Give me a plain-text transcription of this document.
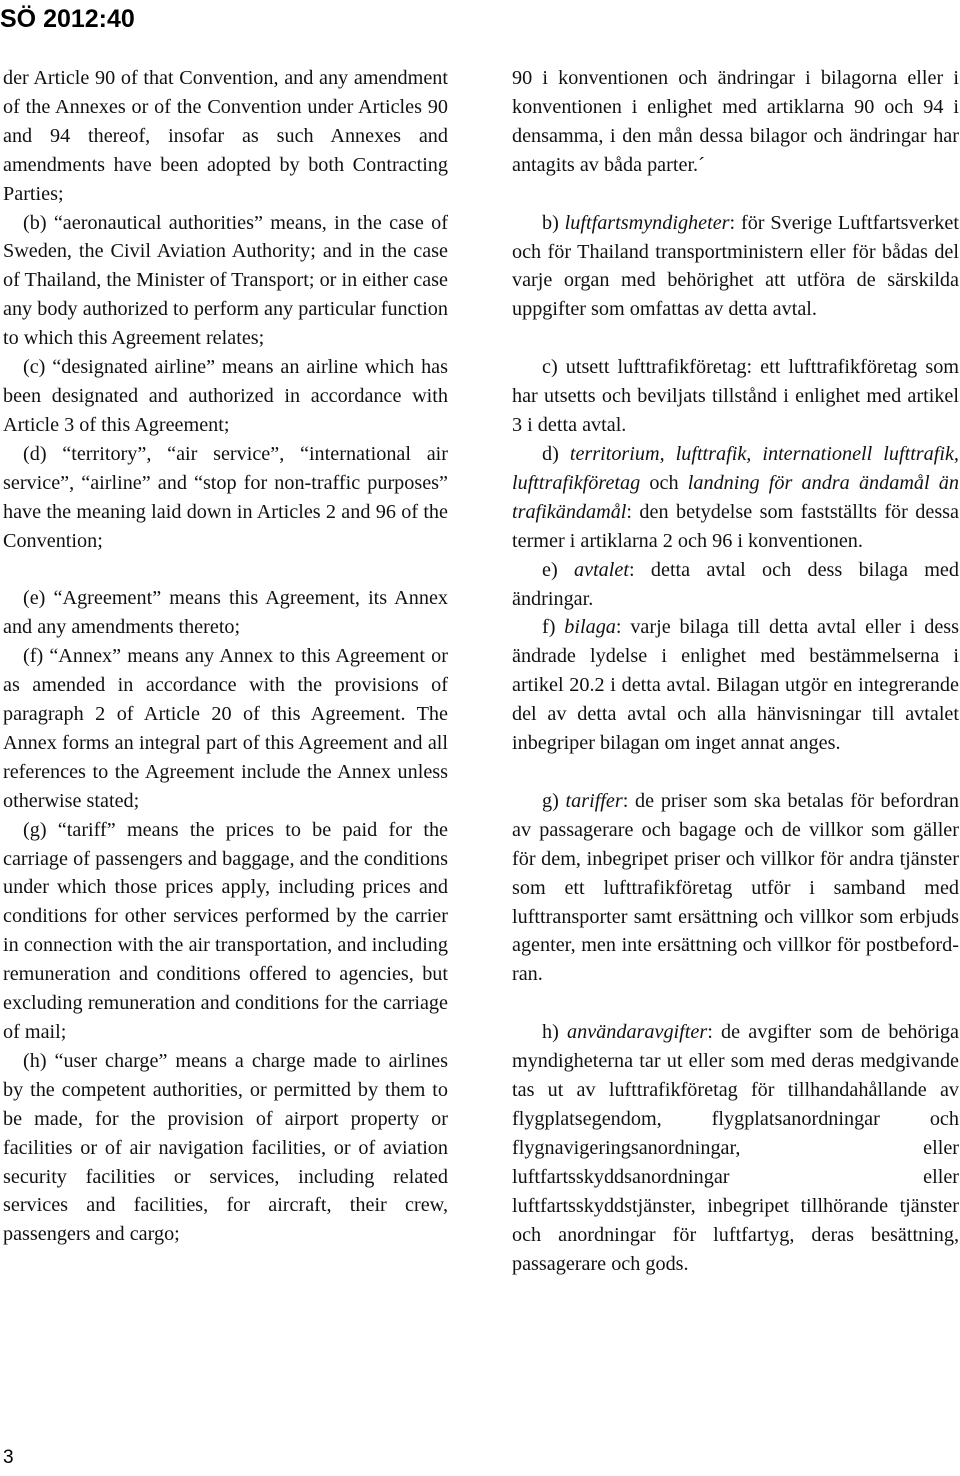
SÖ 2012:40

der Article 90 of that Convention, and any amendment of the Annexes or of the Convention under Articles 90 and 94 thereof, insofar as such Annexes and amendments have been adopted by both Contracting Parties;

(b) “aeronautical authorities” means, in the case of Sweden, the Civil Aviation Authority; and in the case of Thailand, the Minister of Transport; or in either case any body authorized to perform any particular function to which this Agreement relates;

(c) “designated airline” means an airline which has been designated and authorized in accordance with Article 3 of this Agreement;

(d) “territory”, “air service”, “international air service”, “airline” and “stop for non-traffic purposes” have the meaning laid down in Articles 2 and 96 of the Convention;

(e) “Agreement” means this Agreement, its Annex and any amendments thereto;

(f) “Annex” means any Annex to this Agreement or as amended in accordance with the provisions of paragraph 2 of Article 20 of this Agreement. The Annex forms an integral part of this Agreement and all references to the Agreement include the Annex unless otherwise stated;

(g) “tariff” means the prices to be paid for the carriage of passengers and baggage, and the conditions under which those prices apply, including prices and conditions for other services performed by the carrier in connection with the air transportation, and including remuneration and conditions offered to agencies, but excluding remuneration and conditions for the carriage of mail;

(h) “user charge” means a charge made to airlines by the competent authorities, or permitted by them to be made, for the provision of airport property or facilities or of air navigation facilities, or of aviation security facilities or services, including related services and facilities, for aircraft, their crew, passengers and cargo;

90 i konventionen och ändringar i bilagorna eller i konventionen i enlighet med artiklarna 90 och 94 i densamma, i den mån dessa bilagor och ändringar har antagits av båda parter.´

b) luftfartsmyndigheter: för Sverige Luftfartsverket och för Thailand transportministern eller för bådas del varje organ med behörighet att utföra de särskilda uppgifter som omfattas av detta avtal.

c) utsett lufttrafikföretag: ett lufttrafikföretag som har utsetts och beviljats tillstånd i enlighet med artikel 3 i detta avtal.

d) territorium, lufttrafik, internationell lufttrafik, lufttrafikföretag och landning för andra ändamål än trafikändamål: den betydelse som fastställts för dessa termer i artiklarna 2 och 96 i konventionen.

e) avtalet: detta avtal och dess bilaga med ändringar.

f) bilaga: varje bilaga till detta avtal eller i dess ändrade lydelse i enlighet med bestämmelserna i artikel 20.2 i detta avtal. Bilagan utgör en integrerande del av detta avtal och alla hänvisningar till avtalet inbegriper bilagan om inget annat anges.

g) tariffer: de priser som ska betalas för befordran av passagerare och bagage och de villkor som gäller för dem, inbegripet priser och villkor för andra tjänster som ett lufttrafikföretag utför i samband med lufttransporter samt ersättning och villkor som erbjuds agenter, men inte ersättning och villkor för postbefordran.

h) användaravgifter: de avgifter som de behöriga myndigheterna tar ut eller som med deras medgivande tas ut av lufttrafikföretag för tillhandahållande av flygplatsegendom, flygplatsanordningar och flygnavigeringsanordningar, eller luftfartsskyddsanordningar eller luftfartsskyddstjänster, inbegripet tillhörande tjänster och anordningar för luftfartyg, deras besättning, passagerare och gods.

3
